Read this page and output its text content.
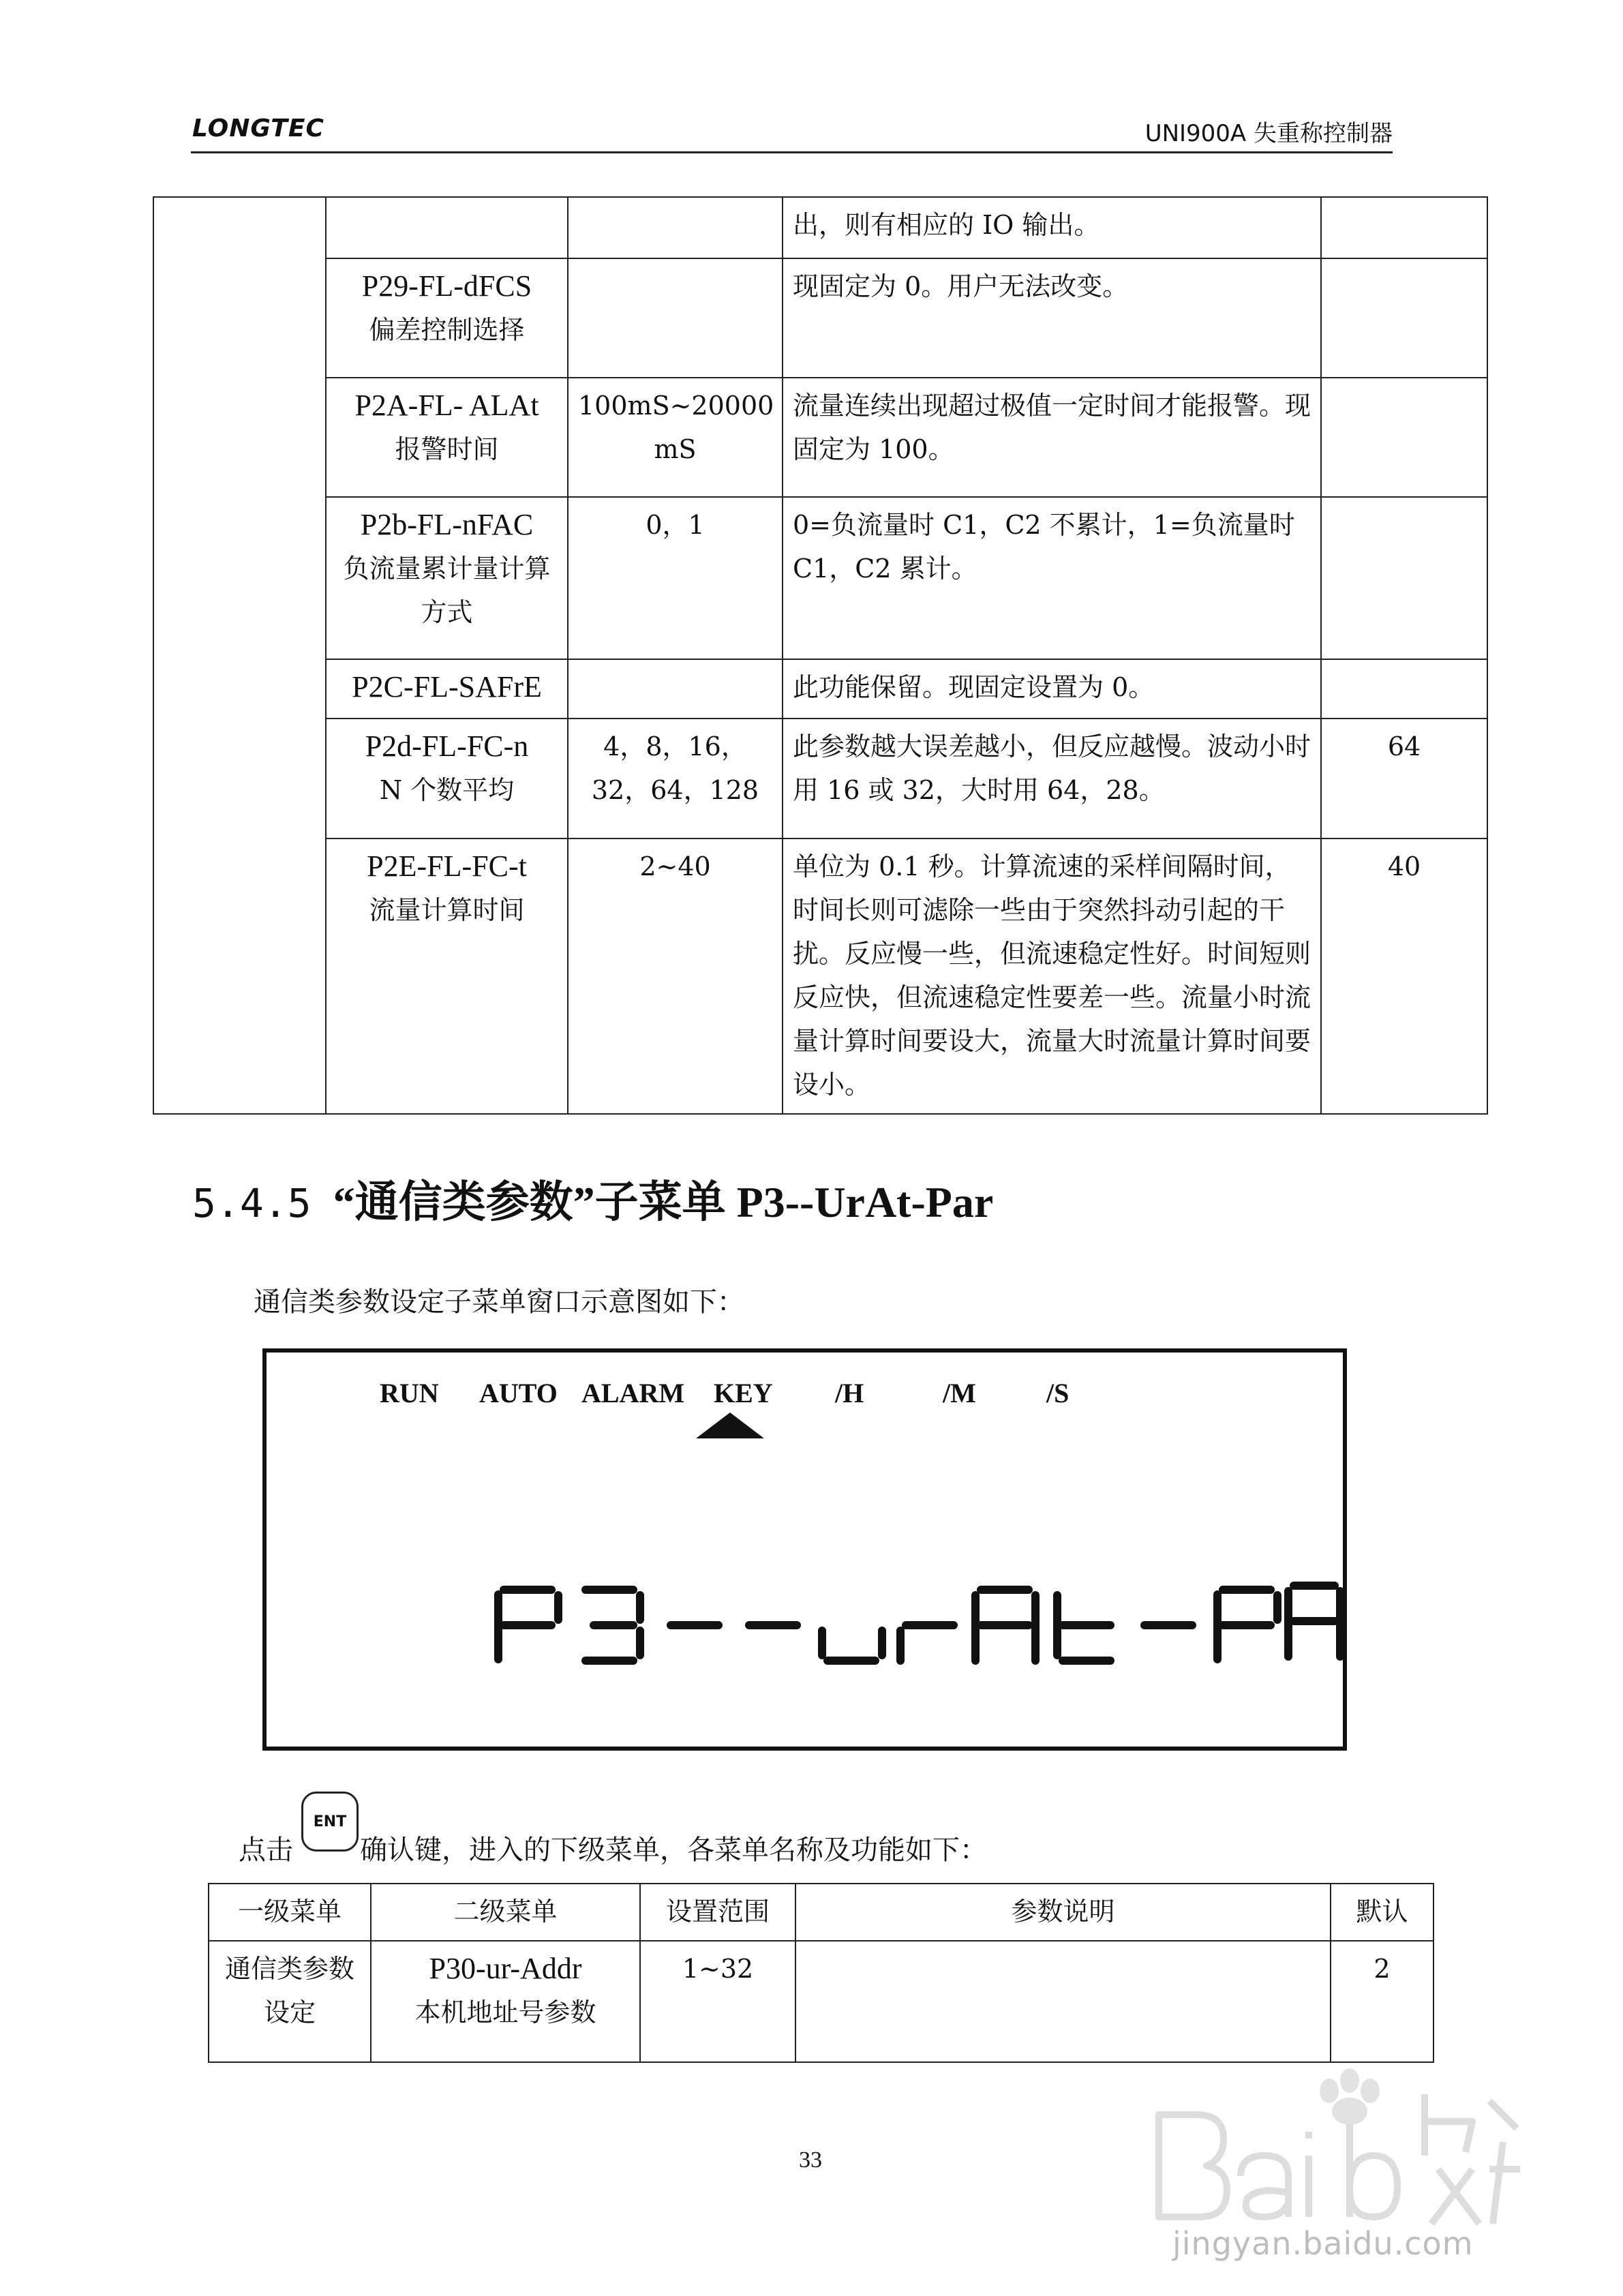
LONGTEC	UNI900A 失重称控制器

		出，则有相应的 IO 输出。	

	P29-FL-dFCS
偏差控制选择		现固定为 0。用户无法改变。	

	P2A-FL- ALAt
报警时间	100mS~20000 mS	流量连续出现超过极值一定时间才能报警。现固定为 100。	

	P2b-FL-nFAC
负流量累计量计算方式	0，1	0=负流量时 C1，C2 不累计，1=负流量时 C1，C2 累计。	

	P2C-FL-SAFrE		此功能保留。现固定设置为 0。	

	P2d-FL-FC-n
N 个数平均	4，8，16，32，64，128	此参数越大误差越小，但反应越慢。波动小时用 16 或 32，大时用 64，28。	64

	P2E-FL-FC-t
流量计算时间	2~40	单位为 0.1 秒。计算流速的采样间隔时间，时间长则可滤除一些由于突然抖动引起的干扰。反应慢一些，但流速稳定性好。时间短则反应快，但流速稳定性要差一些。流量小时流量计算时间要设大，流量大时流量计算时间要设小。	40
5.4.5 “通信类参数”子菜单 P3--UrAt-Par
通信类参数设定子菜单窗口示意图如下：
RUN AUTO ALARM KEY /H	/M	/S
点击
ENT
确认键，进入的下级菜单，各菜单名称及功能如下：
一级菜单	二级菜单	设置范围	参数说明	默认
通信类参数设定	P30-ur-Addr
本机地址号参数	1~32		2
33
jingyan.baidu.com
